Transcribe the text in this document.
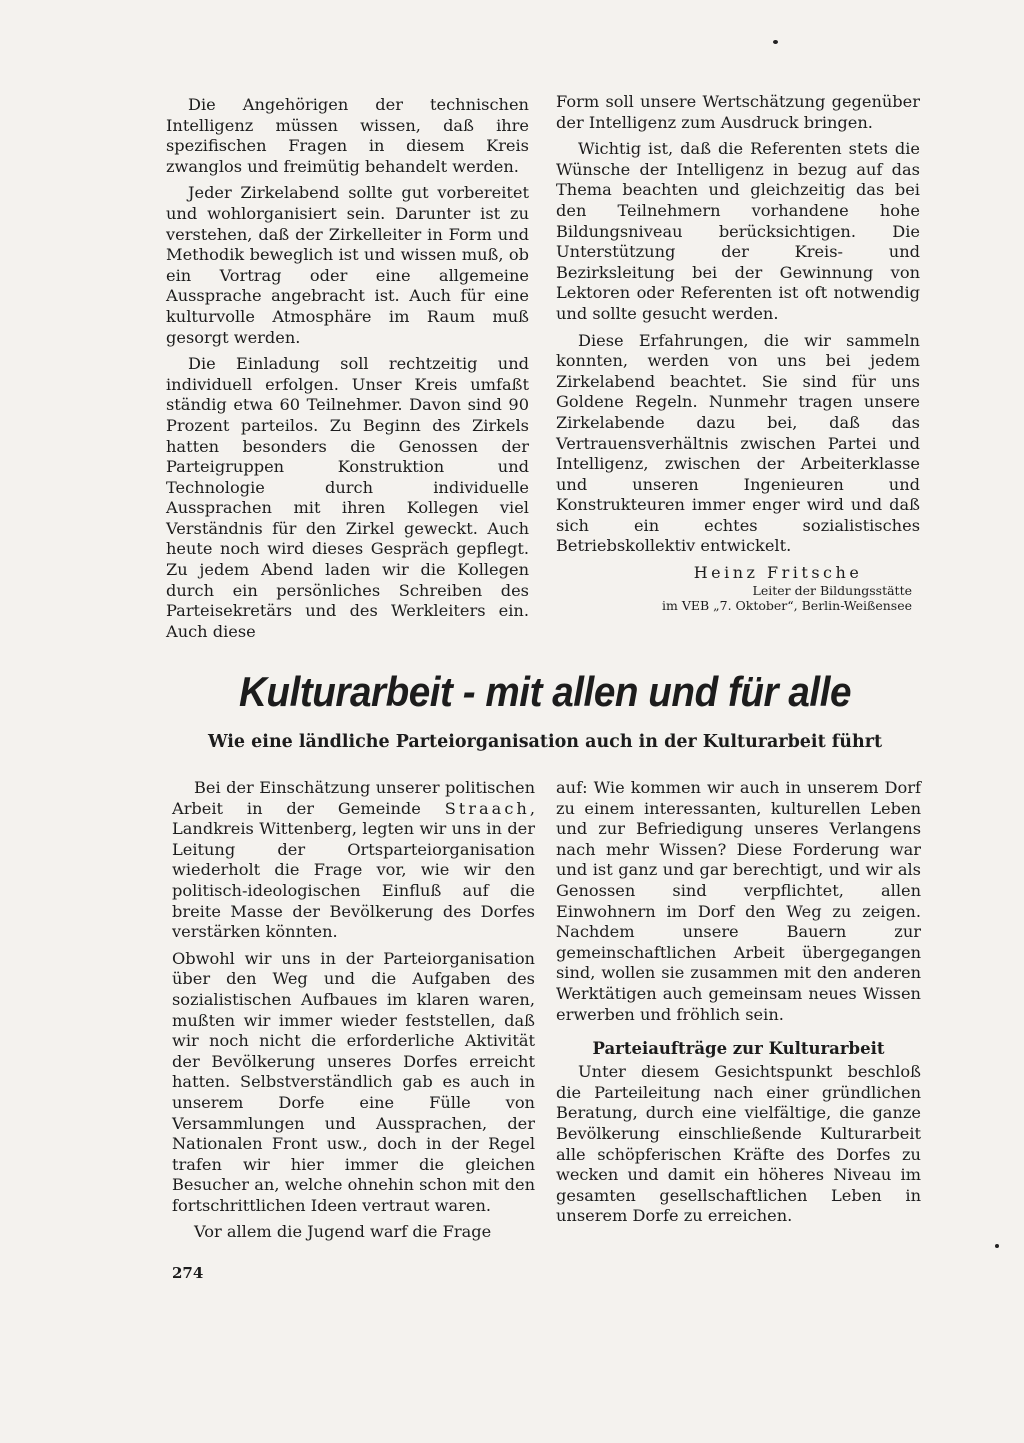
Die Angehörigen der technischen Intelligenz müssen wissen, daß ihre spezifischen Fragen in diesem Kreis zwanglos und freimütig behandelt werden.

Jeder Zirkelabend sollte gut vorbereitet und wohlorganisiert sein. Darunter ist zu verstehen, daß der Zirkelleiter in Form und Methodik beweglich ist und wissen muß, ob ein Vortrag oder eine allgemeine Aussprache angebracht ist. Auch für eine kulturvolle Atmosphäre im Raum muß gesorgt werden.

Die Einladung soll rechtzeitig und individuell erfolgen. Unser Kreis umfaßt ständig etwa 60 Teilnehmer. Davon sind 90 Prozent parteilos. Zu Beginn des Zirkels hatten besonders die Genossen der Parteigruppen Konstruktion und Technologie durch individuelle Aussprachen mit ihren Kollegen viel Verständnis für den Zirkel geweckt. Auch heute noch wird dieses Gespräch gepflegt. Zu jedem Abend laden wir die Kollegen durch ein persönliches Schreiben des Parteisekretärs und des Werkleiters ein. Auch diese

Form soll unsere Wertschätzung gegenüber der Intelligenz zum Ausdruck bringen.

Wichtig ist, daß die Referenten stets die Wünsche der Intelligenz in bezug auf das Thema beachten und gleichzeitig das bei den Teilnehmern vorhandene hohe Bildungsniveau berücksichtigen. Die Unterstützung der Kreis- und Bezirksleitung bei der Gewinnung von Lektoren oder Referenten ist oft notwendig und sollte gesucht werden.

Diese Erfahrungen, die wir sammeln konnten, werden von uns bei jedem Zirkelabend beachtet. Sie sind für uns Goldene Regeln. Nunmehr tragen unsere Zirkelabende dazu bei, daß das Vertrauensverhältnis zwischen Partei und Intelligenz, zwischen der Arbeiterklasse und unseren Ingenieuren und Konstrukteuren immer enger wird und daß sich ein echtes sozialistisches Betriebskollektiv entwickelt.

Heinz Fritsche
Leiter der Bildungsstätte
im VEB „7. Oktober“, Berlin-Weißensee
Kulturarbeit - mit allen und für alle
Wie eine ländliche Parteiorganisation auch in der Kulturarbeit führt

Bei der Einschätzung unserer politischen Arbeit in der Gemeinde Straach, Landkreis Wittenberg, legten wir uns in der Leitung der Ortsparteiorganisation wiederholt die Frage vor, wie wir den politisch-ideologischen Einfluß auf die breite Masse der Bevölkerung des Dorfes verstärken könnten.

Obwohl wir uns in der Parteiorganisation über den Weg und die Aufgaben des sozialistischen Aufbaues im klaren waren, mußten wir immer wieder feststellen, daß wir noch nicht die erforderliche Aktivität der Bevölkerung unseres Dorfes erreicht hatten. Selbstverständlich gab es auch in unserem Dorfe eine Fülle von Versammlungen und Aussprachen, der Nationalen Front usw., doch in der Regel trafen wir hier immer die gleichen Besucher an, welche ohnehin schon mit den fortschrittlichen Ideen vertraut waren.

Vor allem die Jugend warf die Frage

auf: Wie kommen wir auch in unserem Dorf zu einem interessanten, kulturellen Leben und zur Befriedigung unseres Verlangens nach mehr Wissen? Diese Forderung war und ist ganz und gar berechtigt, und wir als Genossen sind verpflichtet, allen Einwohnern im Dorf den Weg zu zeigen. Nachdem unsere Bauern zur gemeinschaftlichen Arbeit übergegangen sind, wollen sie zusammen mit den anderen Werktätigen auch gemeinsam neues Wissen erwerben und fröhlich sein.

Parteiaufträge zur Kulturarbeit

Unter diesem Gesichtspunkt beschloß die Parteileitung nach einer gründlichen Beratung, durch eine vielfältige, die ganze Bevölkerung einschließende Kulturarbeit alle schöpferischen Kräfte des Dorfes zu wecken und damit ein höheres Niveau im gesamten gesellschaftlichen Leben in unserem Dorfe zu erreichen.

274
